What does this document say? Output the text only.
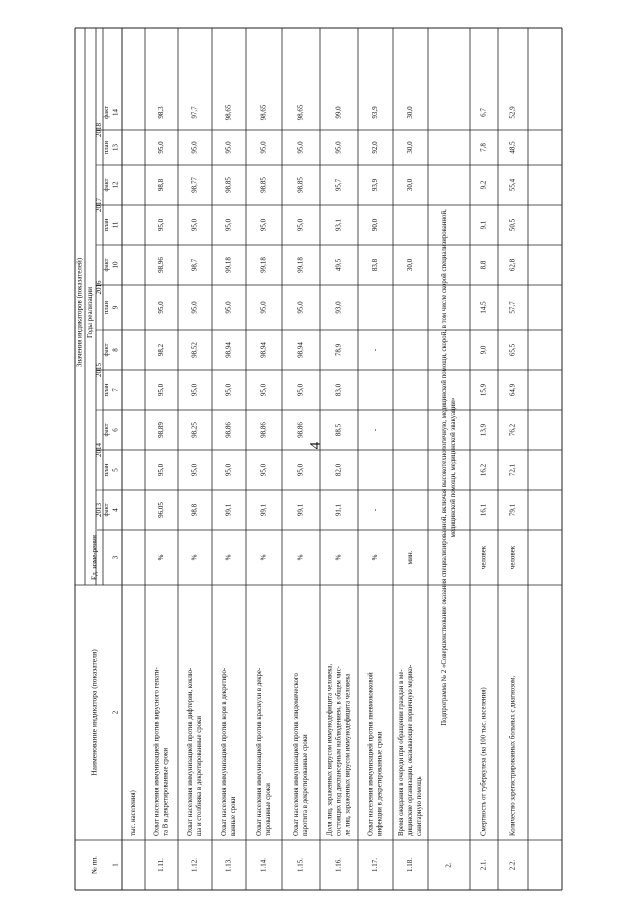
4
№ пп.
Наименование индикатора (показателя)
Ед. изме-рения
Значения индикаторов (показателей) Годы реализации
2013
2014
2015
2016
2017
2018
факт
план
факт
план
факт
план
факт
план
факт
план
факт
1
2
3
4
5
6
7
8
9
10
11
12
13
14
тыс. населения)
1.11.
Охват населения иммунизацией против вирусного гепати- та В в декретированные сроки
%
96,05
95,0
98,89
95,0
98,2
95,0
98,96
95,0
98,8
95,0
98,3
1.12.
Охват населения иммунизацией против дифтерии, коклю- ша и столбняка в декретированные сроки
%
98,8
95,0
98,25
95,0
98,52
95,0
98,7
95,0
98,77
95,0
97,7
1.13.
Охват населения иммунизацией против кори в декретиро- ванные сроки
%
99,1
95,0
98,86
95,0
98,94
95,0
99,18
95,0
98,85
95,0
98,65
1.14.
Охват населения иммунизацией против краснухи в декре- тированные сроки
%
99,1
95,0
98,86
95,0
98,94
95,0
99,18
95,0
98,85
95,0
98,65
1.15.
Охват населения иммунизацией против эпидемического паротита в декретированные сроки
%
99,1
95,0
98,86
95,0
98,94
95,0
99,18
95,0
98,85
95,0
98,65
1.16.
Доля лиц, зараженных вирусом иммунодефицита человека, состоящих под диспансерным наблюдением, в общем чис- ле лиц, зараженных вирусом иммунодефицита человека
%
91,1
82,0
88,5
83,0
78,9
93,0
49,5
93,1
95,7
95,0
99,0
1.17.
Охват населения иммунизацией против пневмококковой инфекции в декретированные сроки
%
-
-
-
83,8
90,0
93,9
92,0
93,9
1.18.
Время ожидания в очереди при обращении граждан в ме- дицинские организации, оказывающие первичную медико- санитарную помощь
мин.
30,0
30,0
30,0
30,0
2.
Подпрограмма № 2 «Совершенствование оказания специализированной, включая высокотехнологичную, медицинской помощи, скорой, в том числе скорой специализированной, медицинской помощи, медицинской эвакуации»
2.1.
Смертность от туберкулеза (на 100 тыс. населения)
человек
16,1
16,2
13,9
15,9
9,0
14,5
8,8
9,1
9,2
7,8
6,7
2.2.
Количество зарегистрированных больных с диагнозом,
человек
79,1
72,1
76,2
64,9
65,5
57,7
62,8
50,5
55,4
48,5
52,9
